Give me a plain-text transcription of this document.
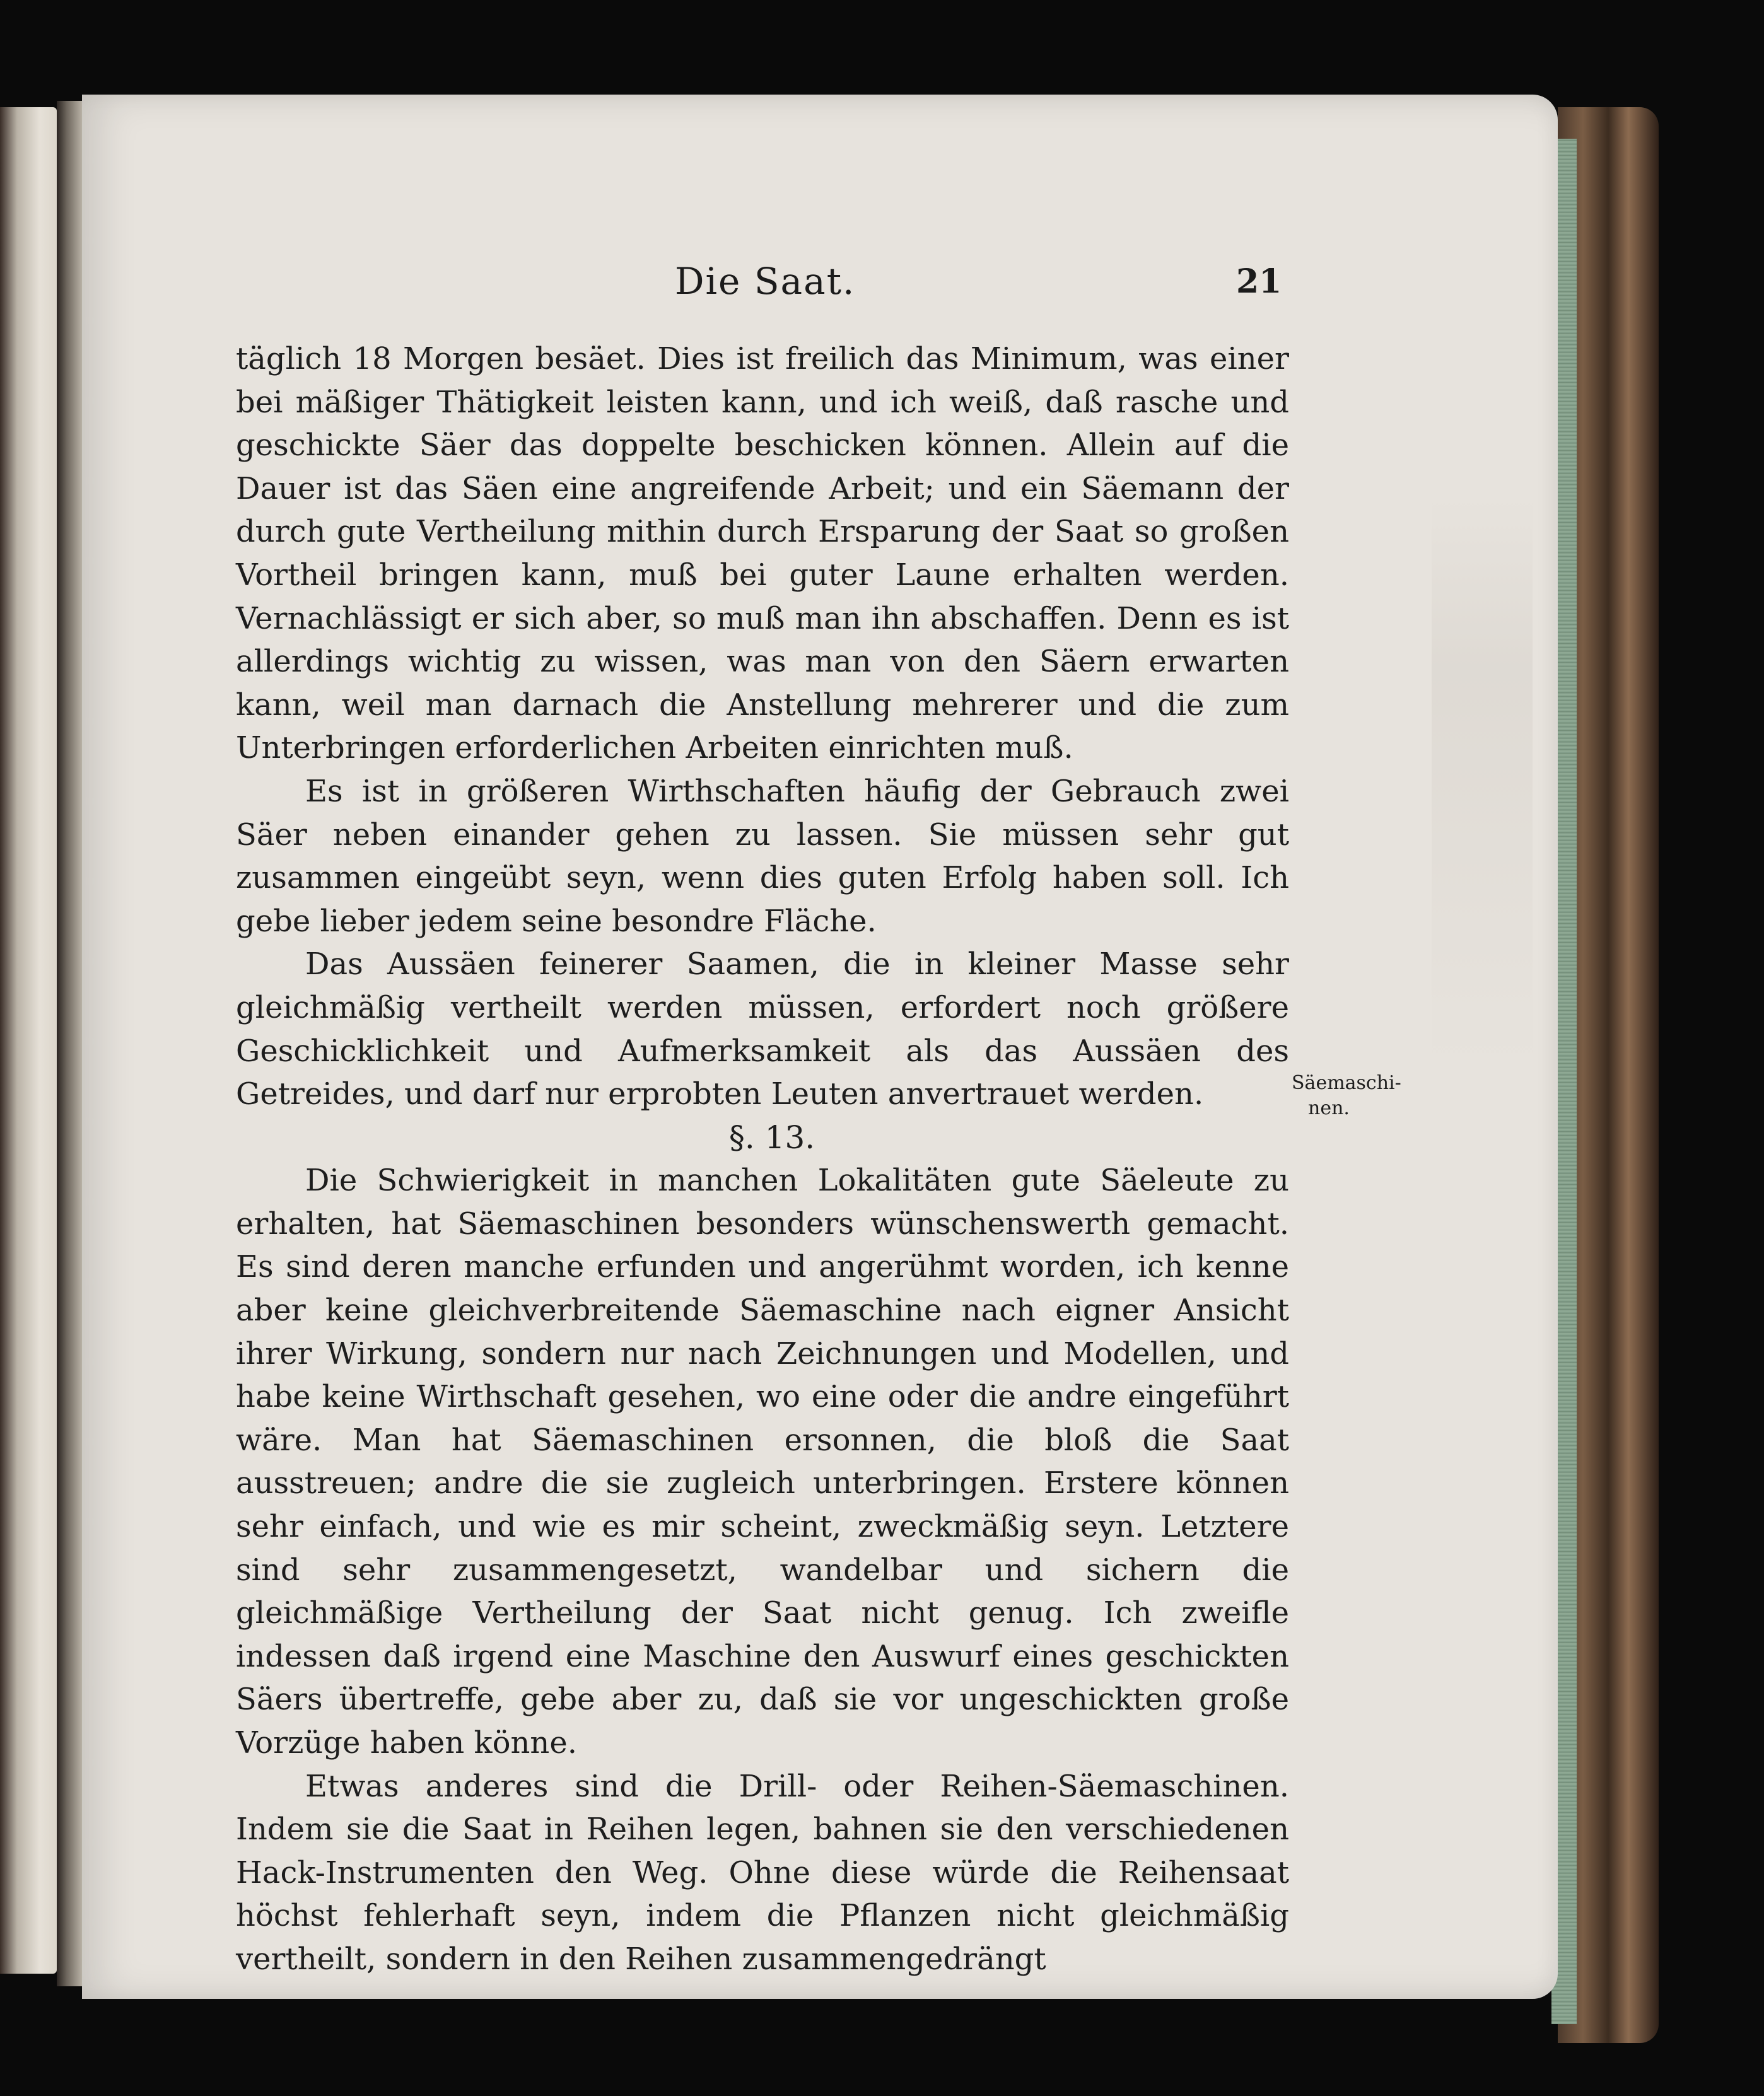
Die Saat.	21

täglich 18 Morgen besäet. Dies ist freilich das Minimum, was einer bei mäßiger Thätigkeit leisten kann, und ich weiß, daß rasche und geschickte Säer das doppelte beschicken können. Allein auf die Dauer ist das Säen eine angreifende Arbeit; und ein Säemann der durch gute Vertheilung mithin durch Ersparung der Saat so großen Vortheil bringen kann, muß bei guter Laune erhalten werden. Vernachlässigt er sich aber, so muß man ihn abschaffen. Denn es ist allerdings wichtig zu wissen, was man von den Säern erwarten kann, weil man darnach die Anstellung mehrerer und die zum Unterbringen erforderlichen Arbeiten einrichten muß.

Es ist in größeren Wirthschaften häufig der Gebrauch zwei Säer neben einander gehen zu lassen. Sie müssen sehr gut zusammen eingeübt seyn, wenn dies guten Erfolg haben soll. Ich gebe lieber jedem seine besondre Fläche.

Das Aussäen feinerer Saamen, die in kleiner Masse sehr gleichmäßig vertheilt werden müssen, erfordert noch größere Geschicklichkeit und Aufmerksamkeit als das Aussäen des Getreides, und darf nur erprobten Leuten anvertrauet werden.

§. 13.

Die Schwierigkeit in manchen Lokalitäten gute Säeleute zu erhalten, hat Säemaschinen besonders wünschenswerth gemacht. Es sind deren manche erfunden und angerühmt worden, ich kenne aber keine gleichverbreitende Säemaschine nach eigner Ansicht ihrer Wirkung, sondern nur nach Zeichnungen und Modellen, und habe keine Wirthschaft gesehen, wo eine oder die andre eingeführt wäre. Man hat Säemaschinen ersonnen, die bloß die Saat ausstreuen; andre die sie zugleich unterbringen. Erstere können sehr einfach, und wie es mir scheint, zweckmäßig seyn. Letztere sind sehr zusammengesetzt, wandelbar und sichern die gleichmäßige Vertheilung der Saat nicht genug. Ich zweifle indessen daß irgend eine Maschine den Auswurf eines geschickten Säers übertreffe, gebe aber zu, daß sie vor ungeschickten große Vorzüge haben könne.

Etwas anderes sind die Drill- oder Reihen-Säemaschinen. Indem sie die Saat in Reihen legen, bahnen sie den verschiedenen Hack-Instrumenten den Weg. Ohne diese würde die Reihensaat höchst fehlerhaft seyn, indem die Pflanzen nicht gleichmäßig vertheilt, sondern in den Reihen zusammengedrängt

Säemaschi-
nen.
